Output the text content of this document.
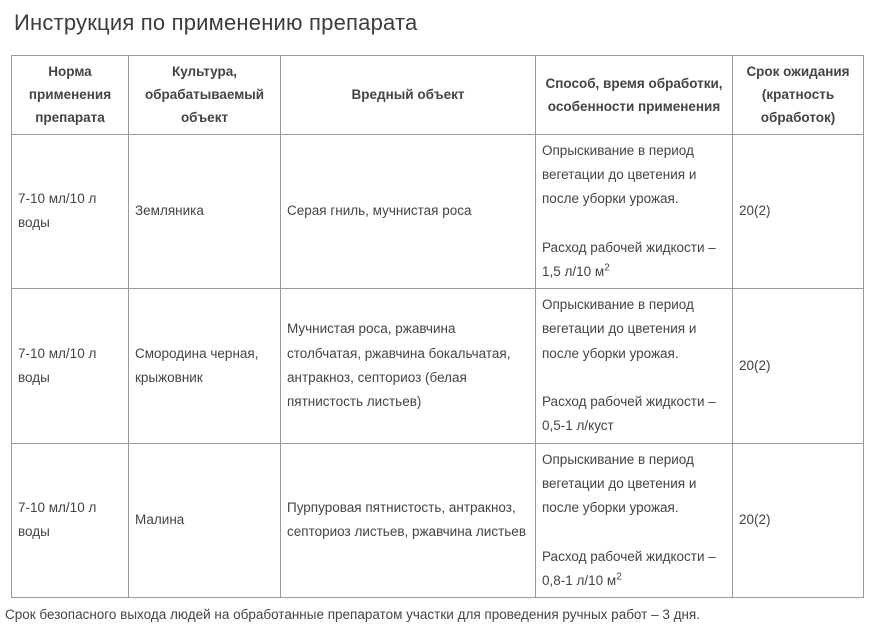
Инструкция по применению препарата
Норма применения препарата	Культура, обрабатываемый объект	Вредный объект	Способ, время обработки, особенности применения	Срок ожидания (кратность обработок)
7-10 мл/10 л воды	Земляника	Серая гниль, мучнистая роса	Опрыскивание в период вегетации до цветения и после уборки урожая.

Расход рабочей жидкости – 1,5 л/10 $м^2$	20(2)
7-10 мл/10 л воды	Смородина черная, крыжовник	Мучнистая роса, ржавчина столбчатая, ржавчина бокальчатая, антракноз, септориоз (белая пятнистость листьев)	Опрыскивание в период вегетации до цветения и после уборки урожая.

Расход рабочей жидкости – 0,5-1 л/куст	20(2)
7-10 мл/10 л воды	Малина	Пурпуровая пятнистость, антракноз, септориоз листьев, ржавчина листьев	Опрыскивание в период вегетации до цветения и после уборки урожая.

Расход рабочей жидкости – 0,8-1 л/10 $м^2$	20(2)

Срок безопасного выхода людей на обработанные препаратом участки для проведения ручных работ – 3 дня.
